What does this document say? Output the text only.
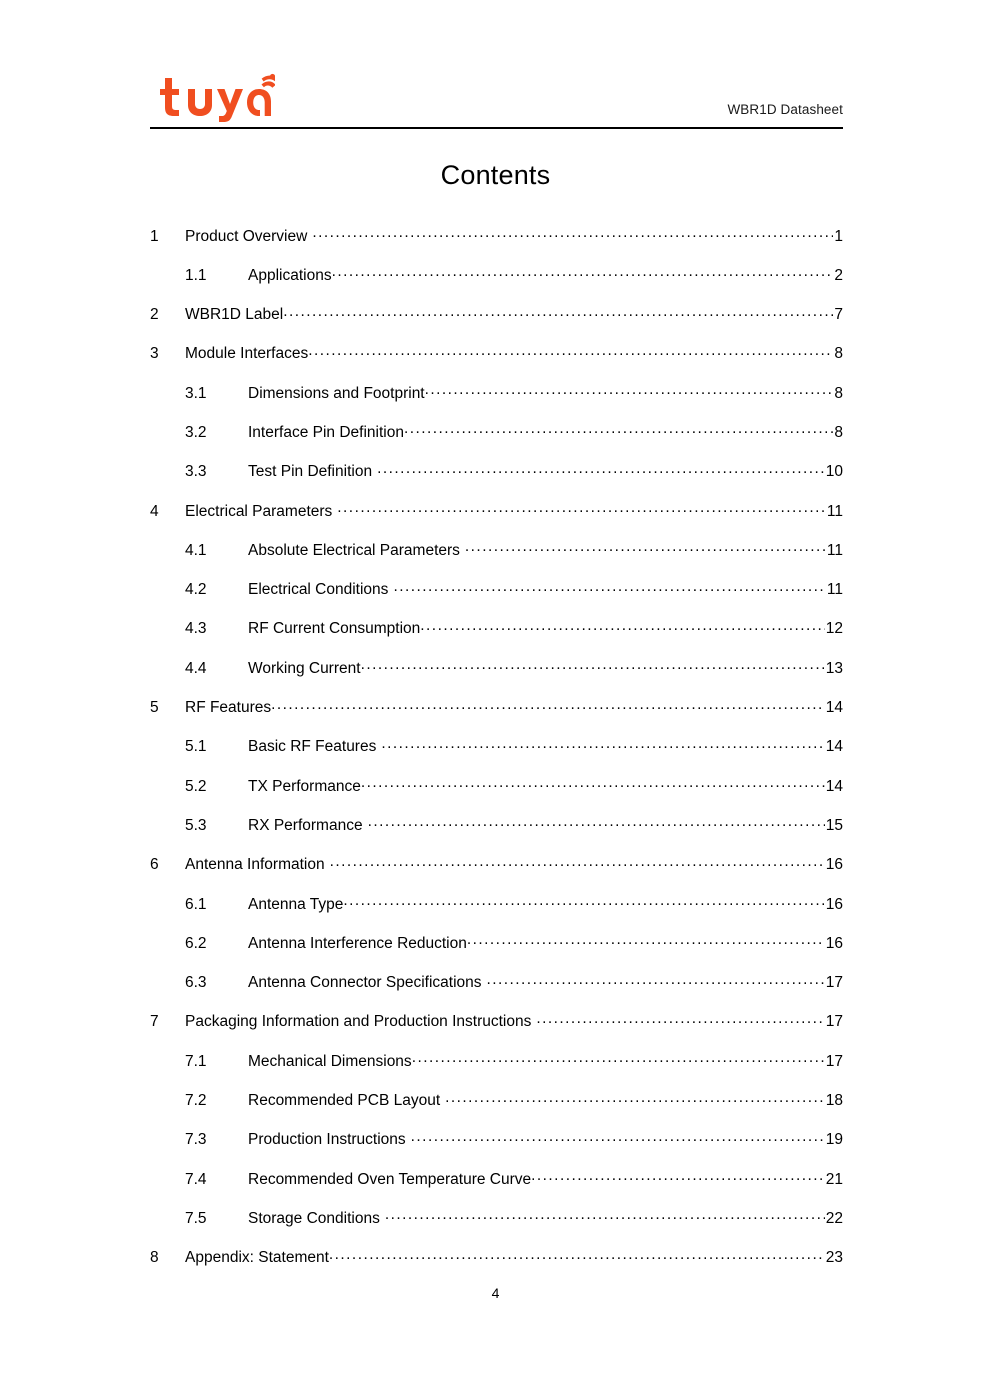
WBR1D Datasheet
Contents
1	Product Overview .....	1
1.1	Applications .....	2
2	WBR1D Label .....	7
3	Module Interfaces .....	8
3.1	Dimensions and Footprint .....	8
3.2	Interface Pin Definition .....	8
3.3	Test Pin Definition .....	10
4	Electrical Parameters .....	11
4.1	Absolute Electrical Parameters .....	11
4.2	Electrical Conditions .....	11
4.3	RF Current Consumption .....	12
4.4	Working Current .....	13
5	RF Features .....	14
5.1	Basic RF Features .....	14
5.2	TX Performance .....	14
5.3	RX Performance .....	15
6	Antenna Information .....	16
6.1	Antenna Type .....	16
6.2	Antenna Interference Reduction .....	16
6.3	Antenna Connector Specifications .....	17
7	Packaging Information and Production Instructions .....	17
7.1	Mechanical Dimensions .....	17
7.2	Recommended PCB Layout .....	18
7.3	Production Instructions .....	19
7.4	Recommended Oven Temperature Curve .....	21
7.5	Storage Conditions .....	22
8	Appendix: Statement .....	23
4
